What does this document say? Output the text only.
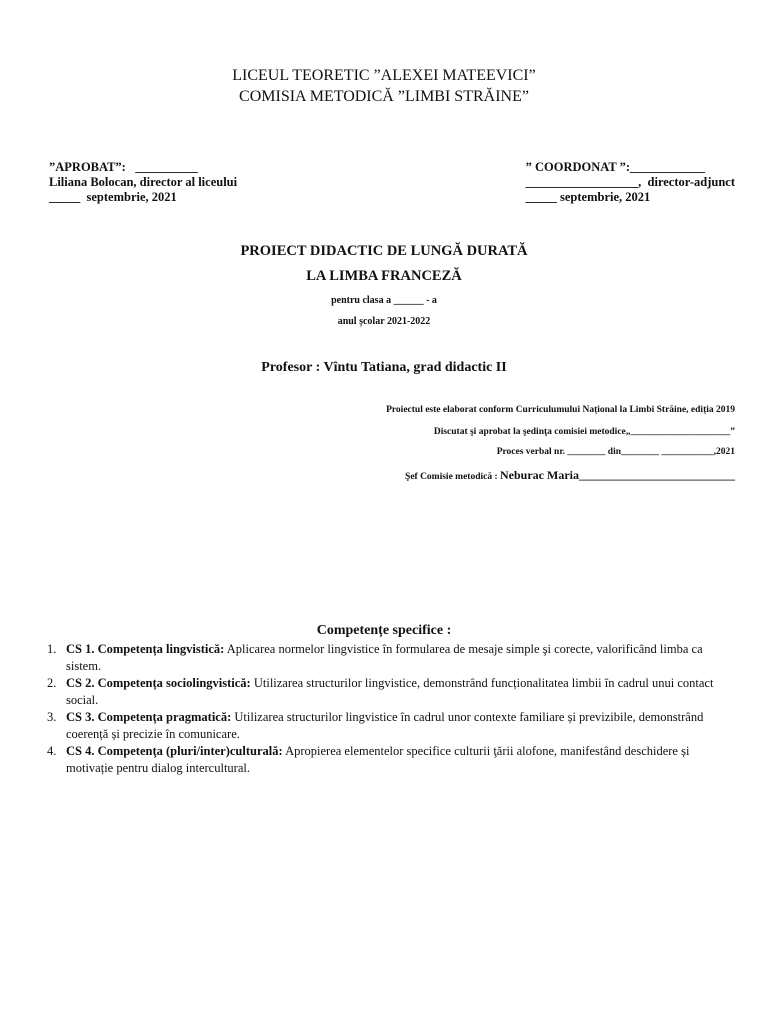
LICEUL TEORETIC ”ALEXEI MATEEVICI”
COMISIA METODICĂ ”LIMBI STRĂINE”
”APROBAT”:   __________
Liliana Bolocan, director al liceului
_____  septembrie, 2021
” COORDONAT ”:____________
__________________,  director-adjunct
_____ septembrie, 2021
PROIECT DIDACTIC DE LUNGĂ DURATĂ
LA LIMBA FRANCEZĂ
pentru clasa a ______ - a
anul școlar 2021-2022
Profesor : Vîntu Tatiana, grad didactic II
Proiectul este elaborat conform Curriculumului Național la Limbi Străine, ediția 2019
Discutat şi aprobat la şedinţa comisiei metodice„_____________________”
Proces verbal nr. ________ din________ ___________,2021
Şef Comisie metodică : Neburac Maria__________________________
Competențe specifice :
1. CS 1. Competența lingvistică: Aplicarea normelor lingvistice în formularea de mesaje simple şi corecte, valorificând limba ca sistem.
2. CS 2. Competența sociolingvistică: Utilizarea structurilor lingvistice, demonstrând funcționalitatea limbii în cadrul unui contact social.
3. CS 3. Competența pragmatică: Utilizarea structurilor lingvistice în cadrul unor contexte familiare și previzibile, demonstrând coerență și precizie în comunicare.
4. CS 4. Competenţa (pluri/inter)culturală: Apropierea elementelor specifice culturii ţării alofone, manifestând deschidere și motivație pentru dialog intercultural.
